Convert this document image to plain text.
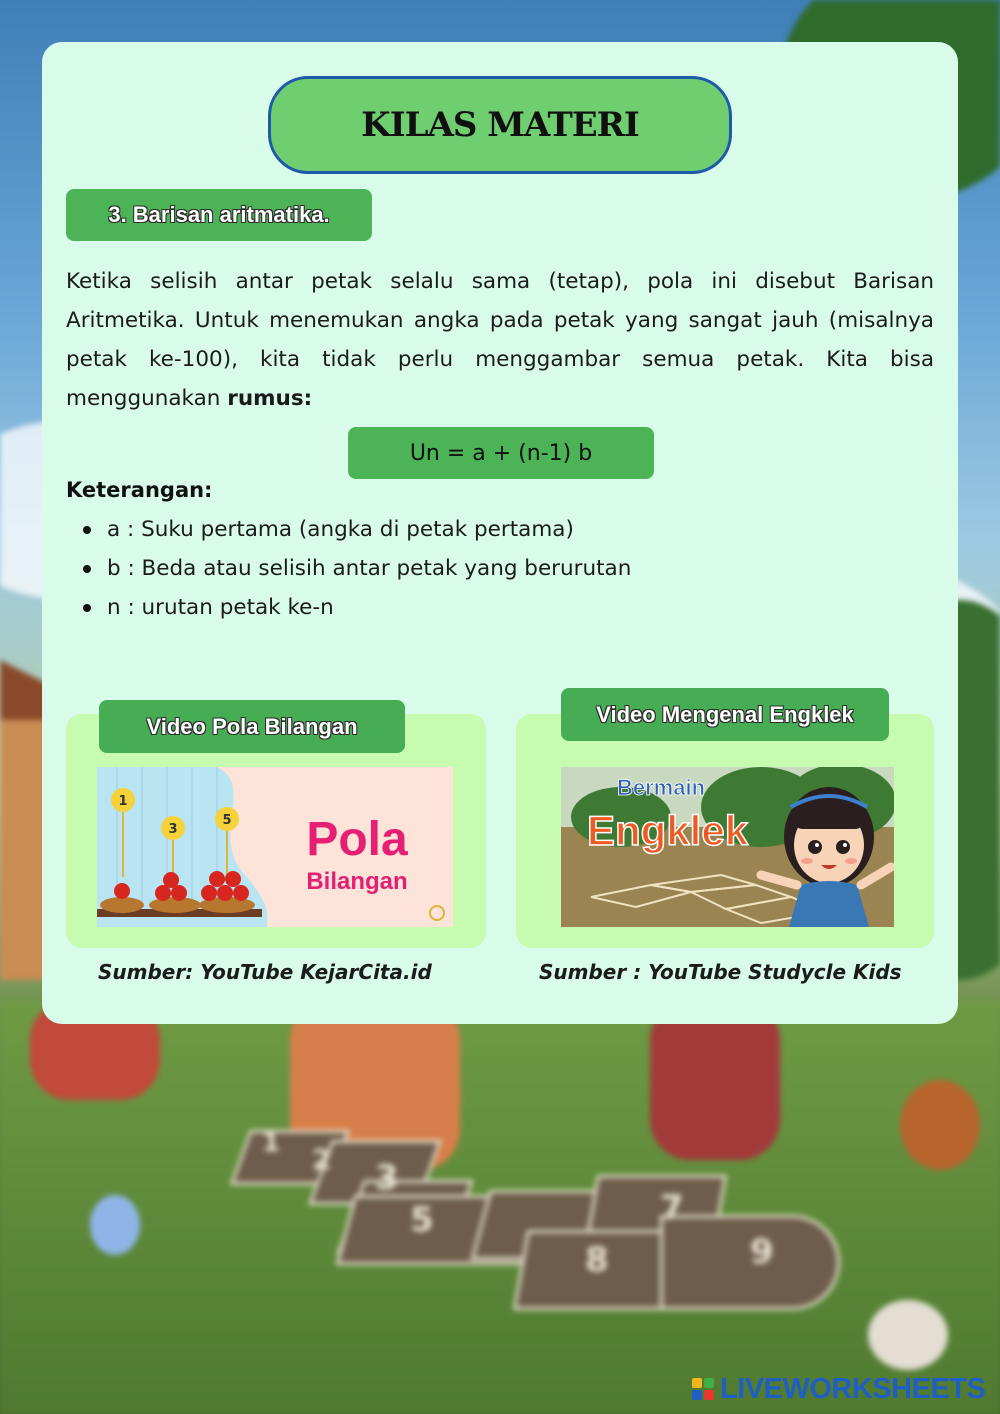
1 2 3
5	7
8	9
KILAS MATERI
3. Barisan aritmatika.

Ketika selisih antar petak selalu sama (tetap), pola ini disebut Barisan Aritmetika. Untuk menemukan angka pada petak yang sangat jauh (misalnya petak ke-100), kita tidak perlu menggambar semua petak. Kita bisa menggunakan rumus:

Un = a + (n-1) b
Keterangan:
a : Suku pertama (angka di petak pertama)
b : Beda atau selisih antar petak yang berurutan
n : urutan petak ke-n
Video Pola Bilangan
1
3
5 Pola
Bilangan
Sumber: YouTube KejarCita.id
Video Mengenal Engklek
Bermain
Engklek
Sumber : YouTube Studycle Kids
LIVEWORKSHEETS
